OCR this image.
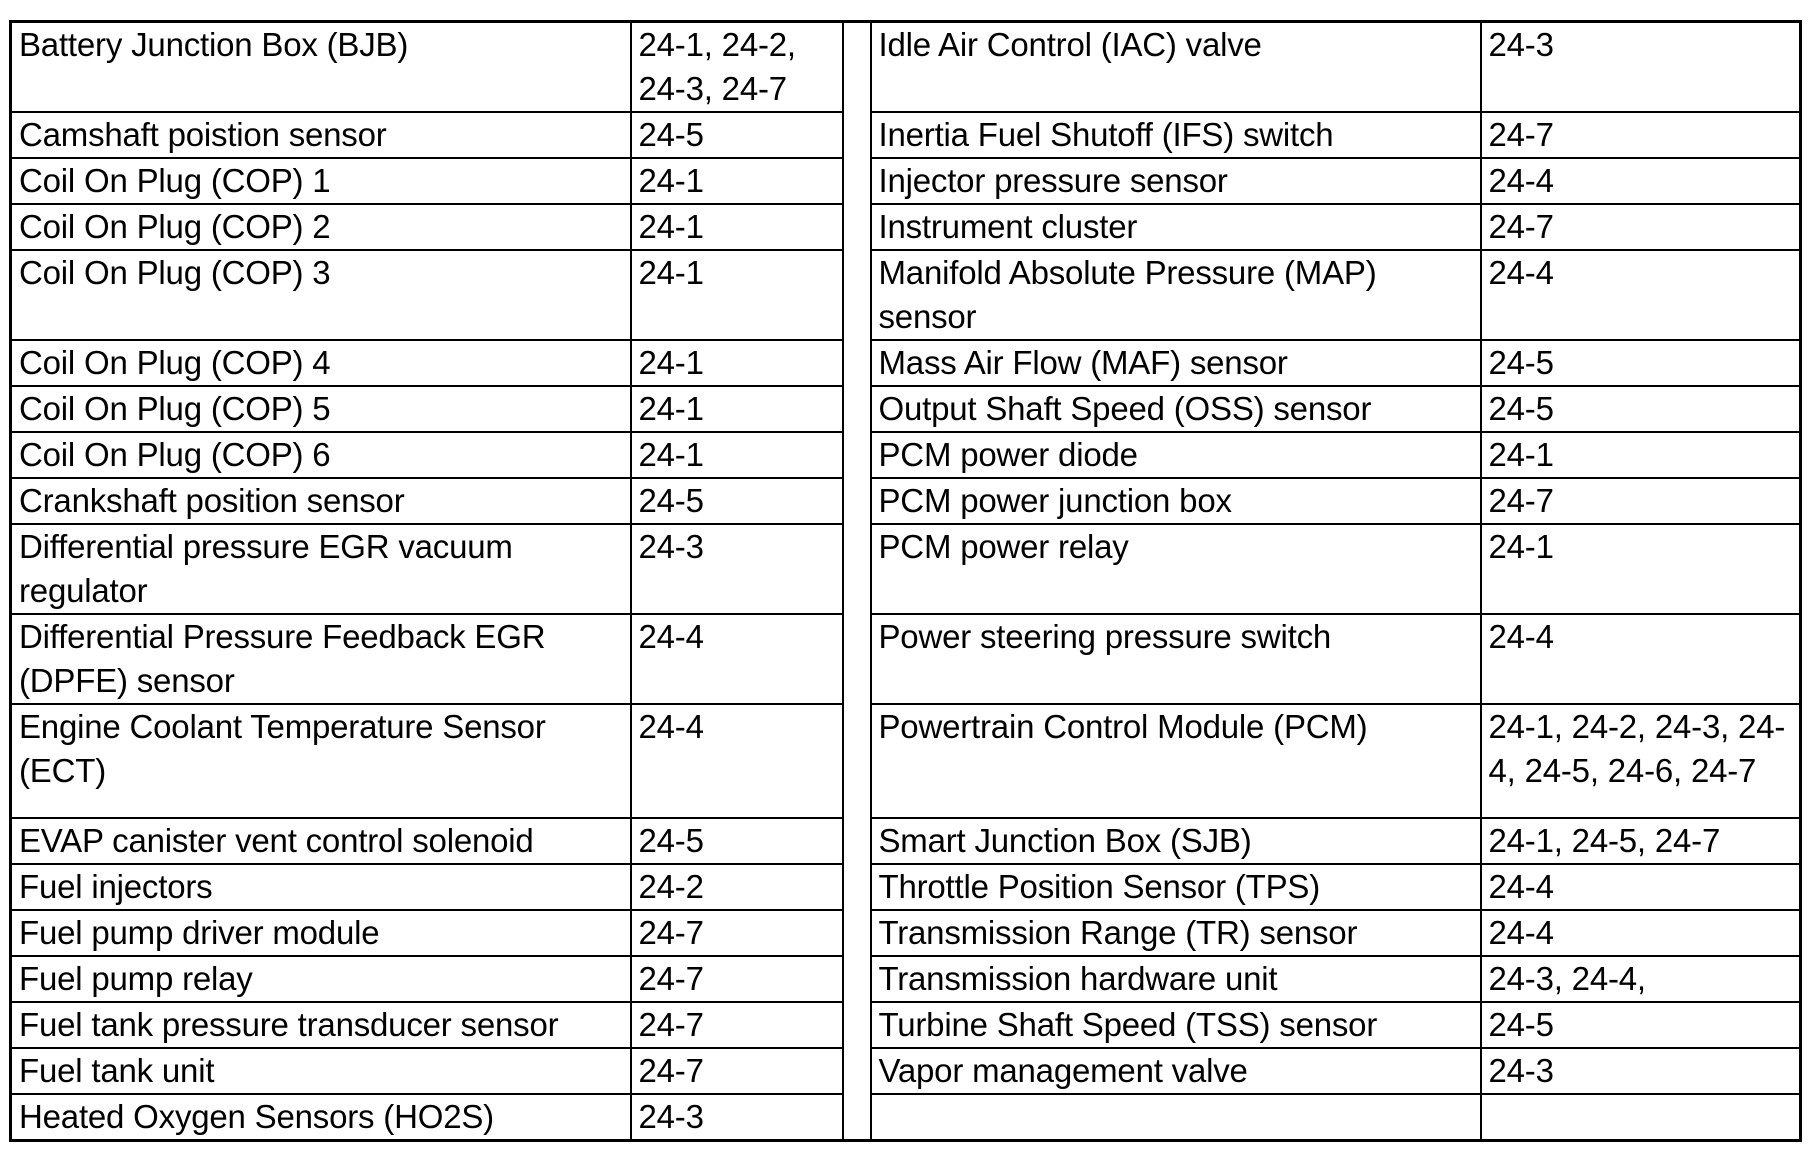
Battery Junction Box (BJB)	24-1, 24-2, 24-3, 24-7		Idle Air Control (IAC) valve	24-3
Camshaft poistion sensor	24-5		Inertia Fuel Shutoff (IFS) switch	24-7
Coil On Plug (COP) 1	24-1		Injector pressure sensor	24-4
Coil On Plug (COP) 2	24-1		Instrument cluster	24-7
Coil On Plug (COP) 3	24-1		Manifold Absolute Pressure (MAP) sensor	24-4
Coil On Plug (COP) 4	24-1		Mass Air Flow (MAF) sensor	24-5
Coil On Plug (COP) 5	24-1		Output Shaft Speed (OSS) sensor	24-5
Coil On Plug (COP) 6	24-1		PCM power diode	24-1
Crankshaft position sensor	24-5		PCM power junction box	24-7
Differential pressure EGR vacuum regulator	24-3		PCM power relay	24-1
Differential Pressure Feedback EGR (DPFE) sensor	24-4		Power steering pressure switch	24-4
Engine Coolant Temperature Sensor (ECT)	24-4		Powertrain Control Module (PCM)	24-1, 24-2, 24-3, 24-4, 24-5, 24-6, 24-7
EVAP canister vent control solenoid	24-5		Smart Junction Box (SJB)	24-1, 24-5, 24-7
Fuel injectors	24-2		Throttle Position Sensor (TPS)	24-4
Fuel pump driver module	24-7		Transmission Range (TR) sensor	24-4
Fuel pump relay	24-7		Transmission hardware unit	24-3, 24-4,
Fuel tank pressure transducer sensor	24-7		Turbine Shaft Speed (TSS) sensor	24-5
Fuel tank unit	24-7		Vapor management valve	24-3
Heated Oxygen Sensors (HO2S)	24-3			
